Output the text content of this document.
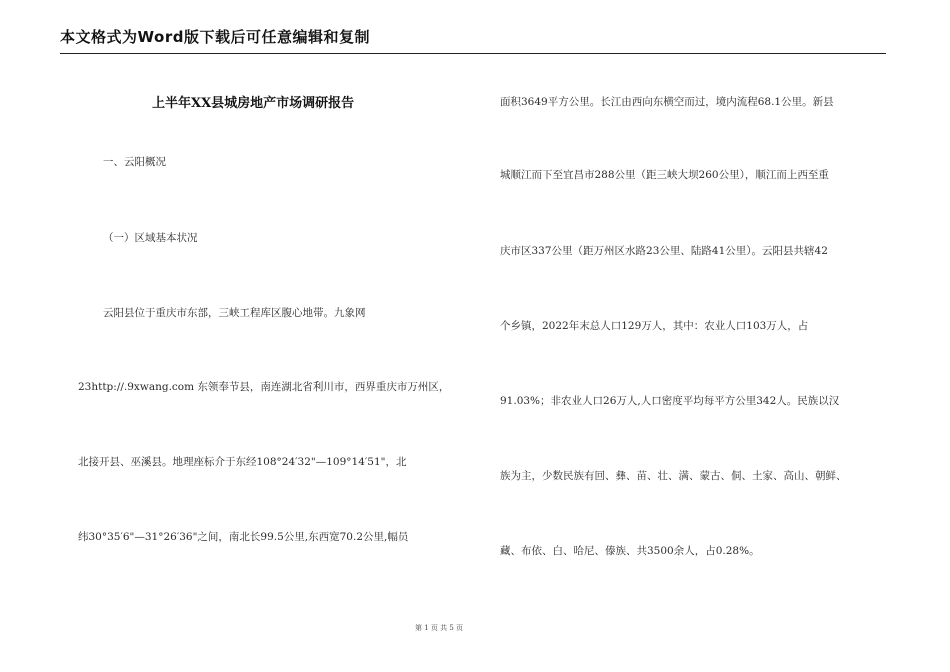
本文格式为Word版下载后可任意编辑和复制
上半年XX县城房地产市场调研报告
一、云阳概况
（一）区域基本状况
云阳县位于重庆市东部，三峡工程库区腹心地带。九象网
23http://.9xwang.com 东领奉节县，南连湖北省利川市，西界重庆市万州区，
北接开县、巫溪县。地理座标介于东经108°24′32"—109°14′51"，北
纬30°35′6"—31°26′36"之间，南北长99.5公里,东西宽70.2公里,幅员
面积3649平方公里。长江由西向东横空而过，境内流程68.1公里。新县
城顺江而下至宜昌市288公里（距三峡大坝260公里），顺江而上西至重
庆市区337公里（距万州区水路23公里、陆路41公里）。云阳县共辖42
个乡镇，2022年末总人口129万人，其中：农业人口103万人，占
91.03%；非农业人口26万人,人口密度平均每平方公里342人。民族以汉
族为主，少数民族有回、彝、苗、壮、满、蒙古、侗、土家、高山、朝鲜、
藏、布依、白、哈尼、傣族、共3500余人，占0.28%。
第 1 页 共 5 页
